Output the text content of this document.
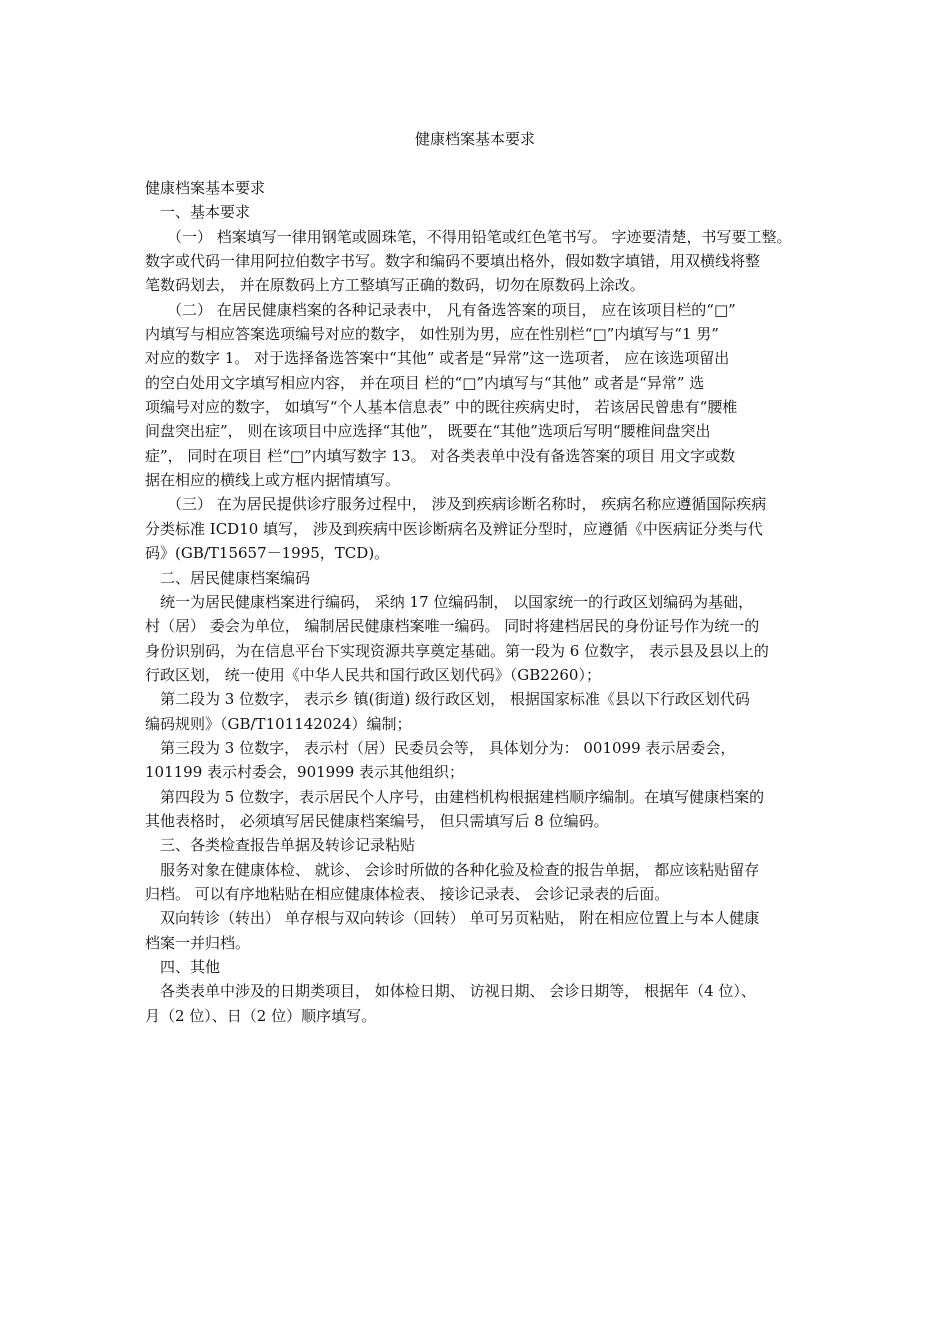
健康档案基本要求
健康档案基本要求
一、基本要求
（一） 档案填写一律用钢笔或圆珠笔，不得用铅笔或红色笔书写。 字迹要清楚，书写要工整。
数字或代码一律用阿拉伯数字书写。数字和编码不要填出格外，假如数字填错，用双横线将整
笔数码划去， 并在原数码上方工整填写正确的数码，切勿在原数码上涂改。
（二） 在居民健康档案的各种记录表中， 凡有备选答案的项目， 应在该项目栏的“□”
内填写与相应答案选项编号对应的数字， 如性别为男，应在性别栏“□”内填写与“1 男”
对应的数字 1。 对于选择备选答案中“其他” 或者是“异常”这一选项者， 应在该选项留出
的空白处用文字填写相应内容， 并在项目 栏的“□”内填写与“其他” 或者是“异常” 选
项编号对应的数字， 如填写“个人基本信息表” 中的既往疾病史时， 若该居民曾患有“腰椎
间盘突出症”， 则在该项目中应选择“其他”， 既要在“其他”选项后写明“腰椎间盘突出
症”， 同时在项目 栏“□”内填写数字 13。 对各类表单中没有备选答案的项目 用文字或数
据在相应的横线上或方框内据情填写。
（三） 在为居民提供诊疗服务过程中， 涉及到疾病诊断名称时， 疾病名称应遵循国际疾病
分类标准 ICD10 填写， 涉及到疾病中医诊断病名及辨证分型时，应遵循《中医病证分类与代
码》(GB/T15657－1995，TCD)。
二、居民健康档案编码
统一为居民健康档案进行编码， 采纳 17 位编码制， 以国家统一的行政区划编码为基础，
村（居） 委会为单位， 编制居民健康档案唯一编码。 同时将建档居民的身份证号作为统一的
身份识别码，为在信息平台下实现资源共享奠定基础。第一段为 6 位数字， 表示县及县以上的
行政区划， 统一使用《中华人民共和国行政区划代码》（GB2260）；
第二段为 3 位数字， 表示乡 镇(街道) 级行政区划， 根据国家标准《县以下行政区划代码
编码规则》（GB/T101142024）编制；
第三段为 3 位数字， 表示村（居）民委员会等， 具体划分为： 001099 表示居委会，
101199 表示村委会，901999 表示其他组织；
第四段为 5 位数字，表示居民个人序号，由建档机构根据建档顺序编制。在填写健康档案的
其他表格时， 必须填写居民健康档案编号， 但只需填写后 8 位编码。
三、各类检查报告单据及转诊记录粘贴
服务对象在健康体检、 就诊、 会诊时所做的各种化验及检查的报告单据， 都应该粘贴留存
归档。 可以有序地粘贴在相应健康体检表、 接诊记录表、 会诊记录表的后面。
双向转诊（转出） 单存根与双向转诊（回转） 单可另页粘贴， 附在相应位置上与本人健康
档案一并归档。
四、其他
各类表单中涉及的日期类项目， 如体检日期、 访视日期、 会诊日期等， 根据年（4 位）、
月（2 位）、日（2 位）顺序填写。
